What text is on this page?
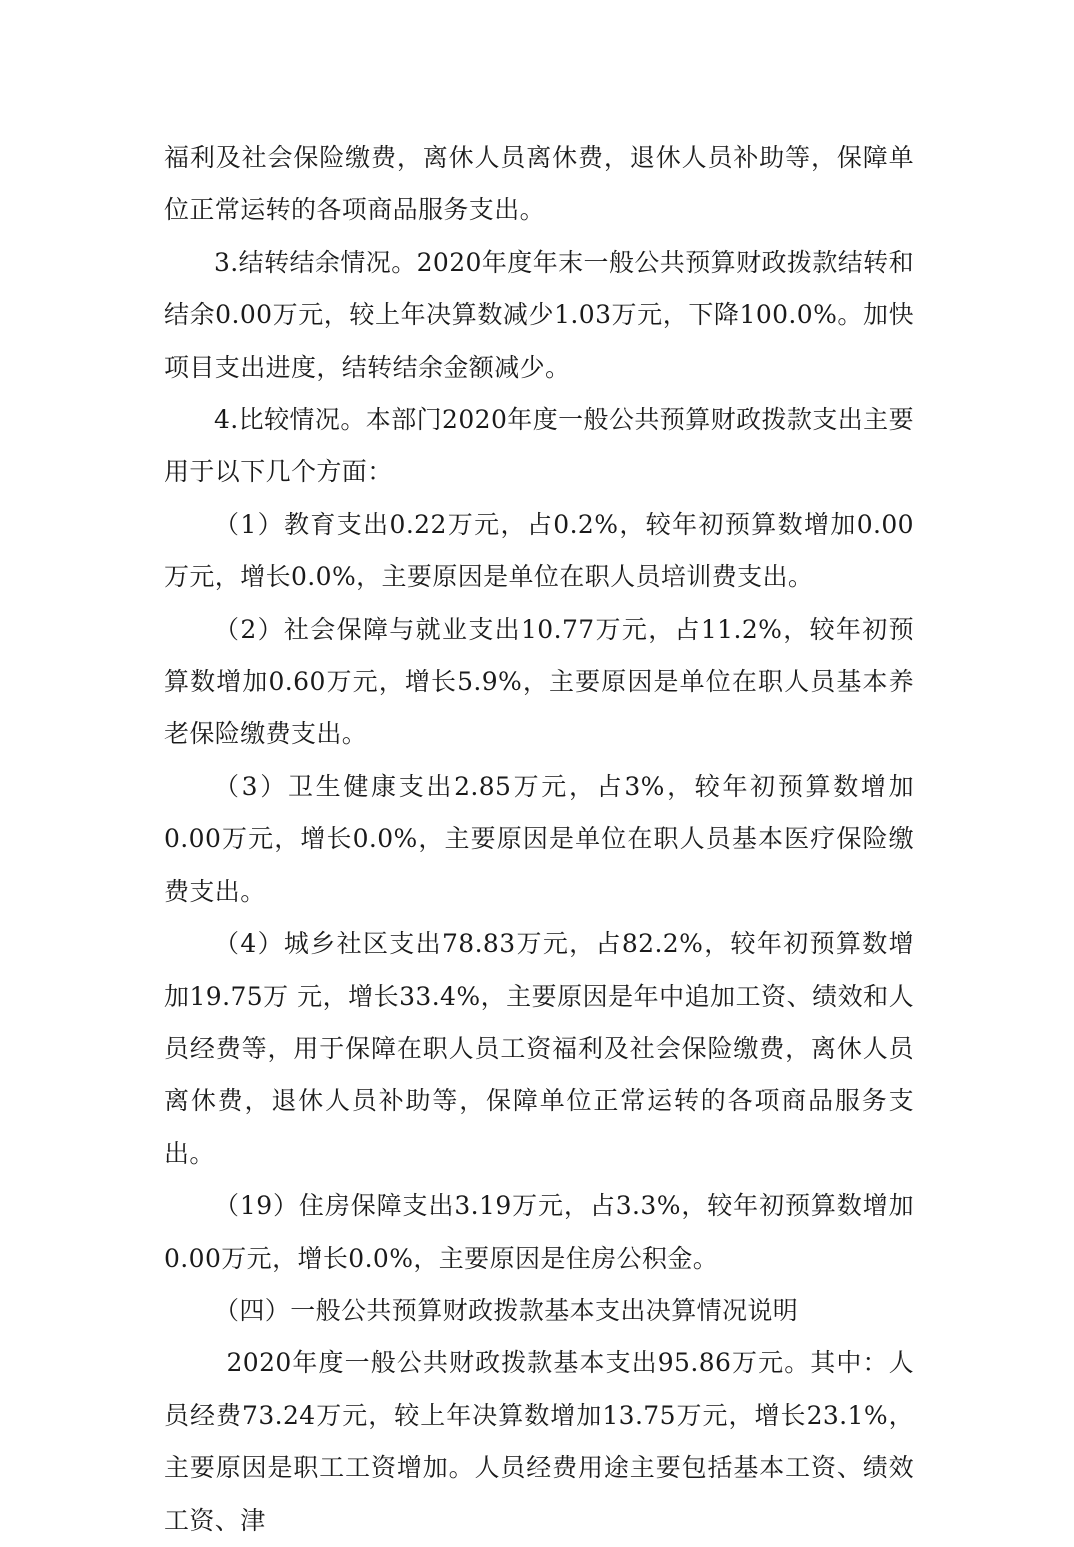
福利及社会保险缴费，离休人员离休费，退休人员补助等，保障单位正常运转的各项商品服务支出。

3.结转结余情况。2020年度年末一般公共预算财政拨款结转和结余0.00万元，较上年决算数减少1.03万元，下降100.0%。加快项目支出进度，结转结余金额减少。

4.比较情况。本部门2020年度一般公共预算财政拨款支出主要用于以下几个方面：

（1）教育支出0.22万元，占0.2%，较年初预算数增加0.00万元，增长0.0%，主要原因是单位在职人员培训费支出。

（2）社会保障与就业支出10.77万元，占11.2%，较年初预算数增加0.60万元，增长5.9%，主要原因是单位在职人员基本养老保险缴费支出。

（3）卫生健康支出2.85万元，占3%，较年初预算数增加0.00万元，增长0.0%，主要原因是单位在职人员基本医疗保险缴费支出。

（4）城乡社区支出78.83万元，占82.2%，较年初预算数增加19.75万 元，增长33.4%，主要原因是年中追加工资、绩效和人员经费等，用于保障在职人员工资福利及社会保险缴费，离休人员离休费，退休人员补助等，保障单位正常运转的各项商品服务支出。

（19）住房保障支出3.19万元，占3.3%，较年初预算数增加0.00万元，增长0.0%，主要原因是住房公积金。

（四）一般公共预算财政拨款基本支出决算情况说明

2020年度一般公共财政拨款基本支出95.86万元。其中：人员经费73.24万元，较上年决算数增加13.75万元，增长23.1%，主要原因是职工工资增加。人员经费用途主要包括基本工资、绩效工资、津
